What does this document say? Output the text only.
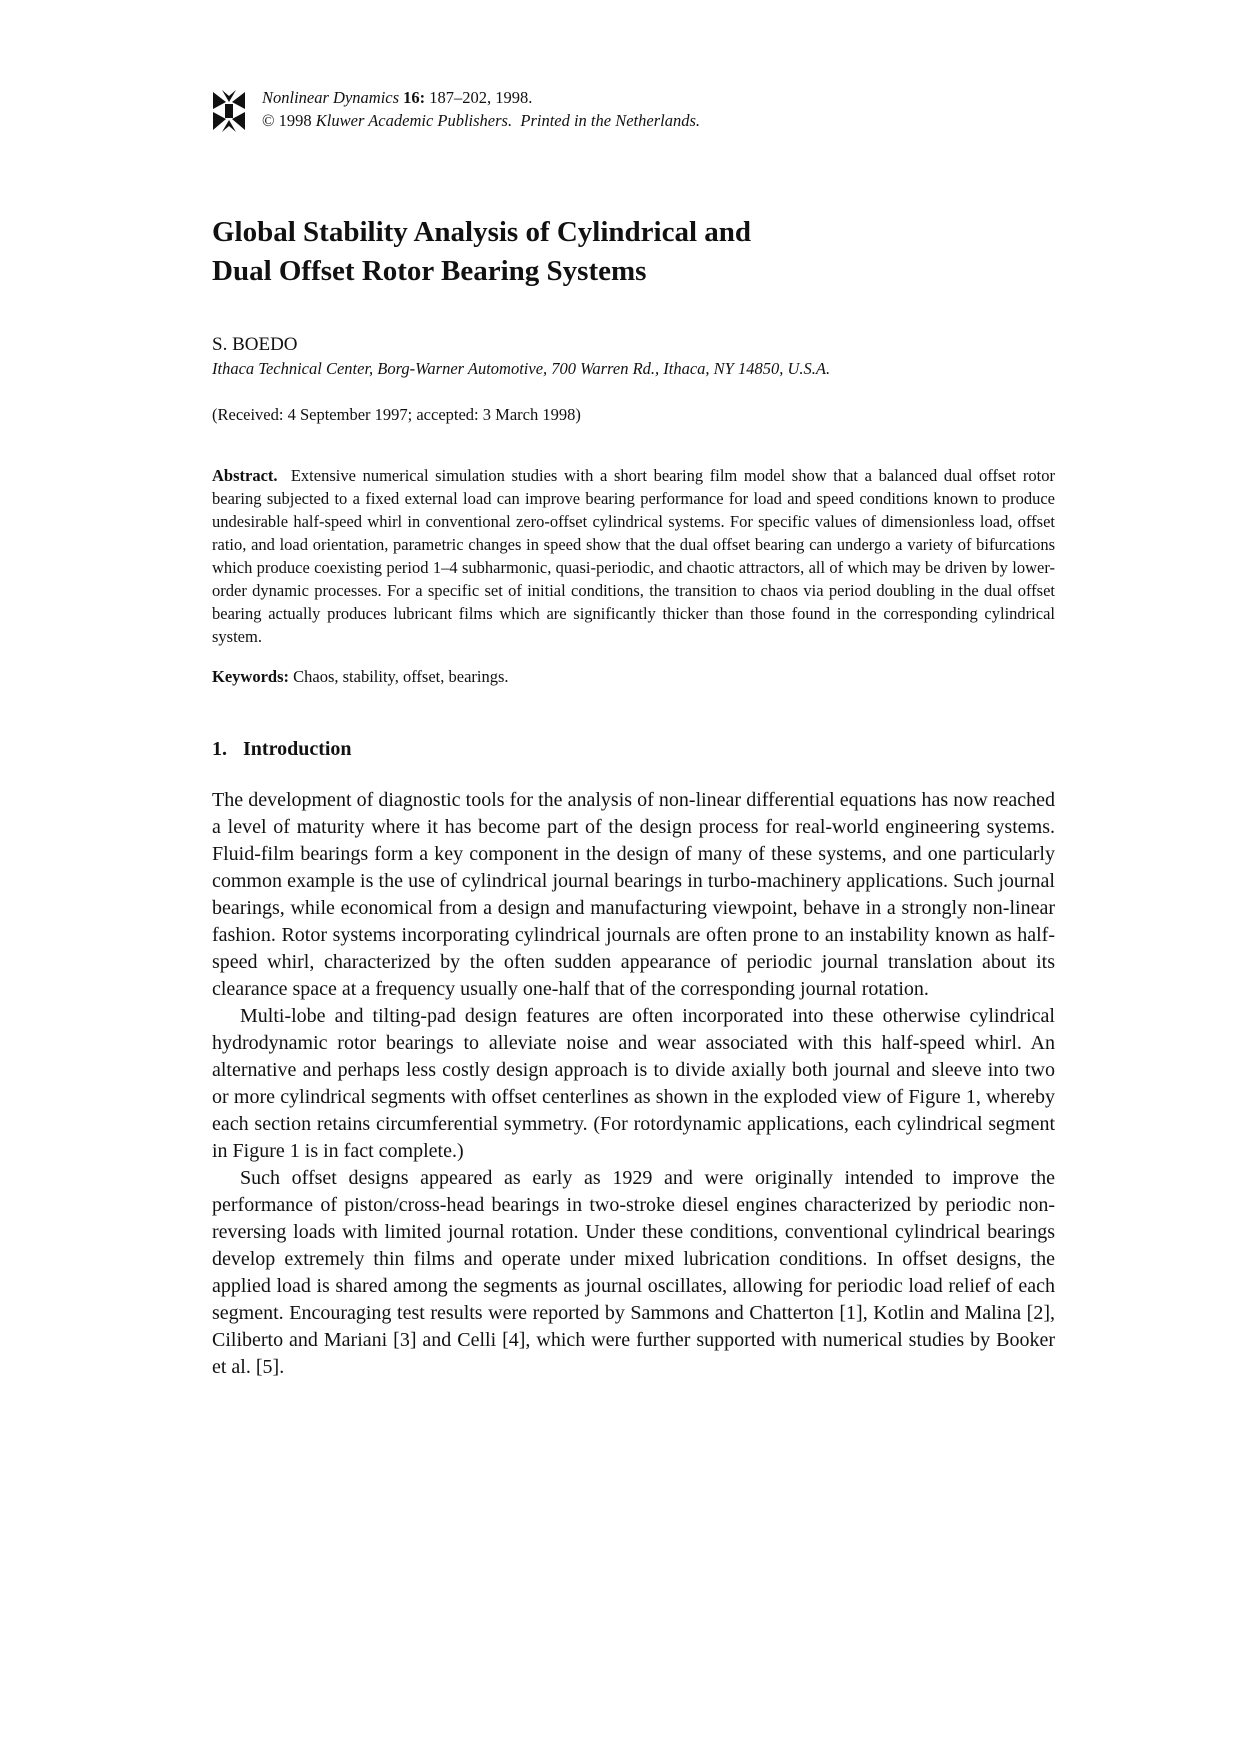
Nonlinear Dynamics 16: 187–202, 1998.
© 1998 Kluwer Academic Publishers. Printed in the Netherlands.
Global Stability Analysis of Cylindrical and
Dual Offset Rotor Bearing Systems
S. BOEDO
Ithaca Technical Center, Borg-Warner Automotive, 700 Warren Rd., Ithaca, NY 14850, U.S.A.
(Received: 4 September 1997; accepted: 3 March 1998)

Abstract. Extensive numerical simulation studies with a short bearing film model show that a balanced dual offset rotor bearing subjected to a fixed external load can improve bearing performance for load and speed conditions known to produce undesirable half-speed whirl in conventional zero-offset cylindrical systems. For specific values of dimensionless load, offset ratio, and load orientation, parametric changes in speed show that the dual offset bearing can undergo a variety of bifurcations which produce coexisting period 1–4 subharmonic, quasi-periodic, and chaotic attractors, all of which may be driven by lower-order dynamic processes. For a specific set of initial conditions, the transition to chaos via period doubling in the dual offset bearing actually produces lubricant films which are significantly thicker than those found in the corresponding cylindrical system.

Keywords: Chaos, stability, offset, bearings.
1. Introduction

The development of diagnostic tools for the analysis of non-linear differential equations has now reached a level of maturity where it has become part of the design process for real-world engineering systems. Fluid-film bearings form a key component in the design of many of these systems, and one particularly common example is the use of cylindrical journal bearings in turbo-machinery applications. Such journal bearings, while economical from a design and manufacturing viewpoint, behave in a strongly non-linear fashion. Rotor systems incorporating cylindrical journals are often prone to an instability known as half-speed whirl, characterized by the often sudden appearance of periodic journal translation about its clearance space at a frequency usually one-half that of the corresponding journal rotation.

Multi-lobe and tilting-pad design features are often incorporated into these otherwise cylindrical hydrodynamic rotor bearings to alleviate noise and wear associated with this half-speed whirl. An alternative and perhaps less costly design approach is to divide axially both journal and sleeve into two or more cylindrical segments with offset centerlines as shown in the exploded view of Figure 1, whereby each section retains circumferential symmetry. (For rotordynamic applications, each cylindrical segment in Figure 1 is in fact complete.)

Such offset designs appeared as early as 1929 and were originally intended to improve the performance of piston/cross-head bearings in two-stroke diesel engines characterized by periodic non-reversing loads with limited journal rotation. Under these conditions, conventional cylindrical bearings develop extremely thin films and operate under mixed lubrication conditions. In offset designs, the applied load is shared among the segments as journal oscillates, allowing for periodic load relief of each segment. Encouraging test results were reported by Sammons and Chatterton [1], Kotlin and Malina [2], Ciliberto and Mariani [3] and Celli [4], which were further supported with numerical studies by Booker et al. [5].
